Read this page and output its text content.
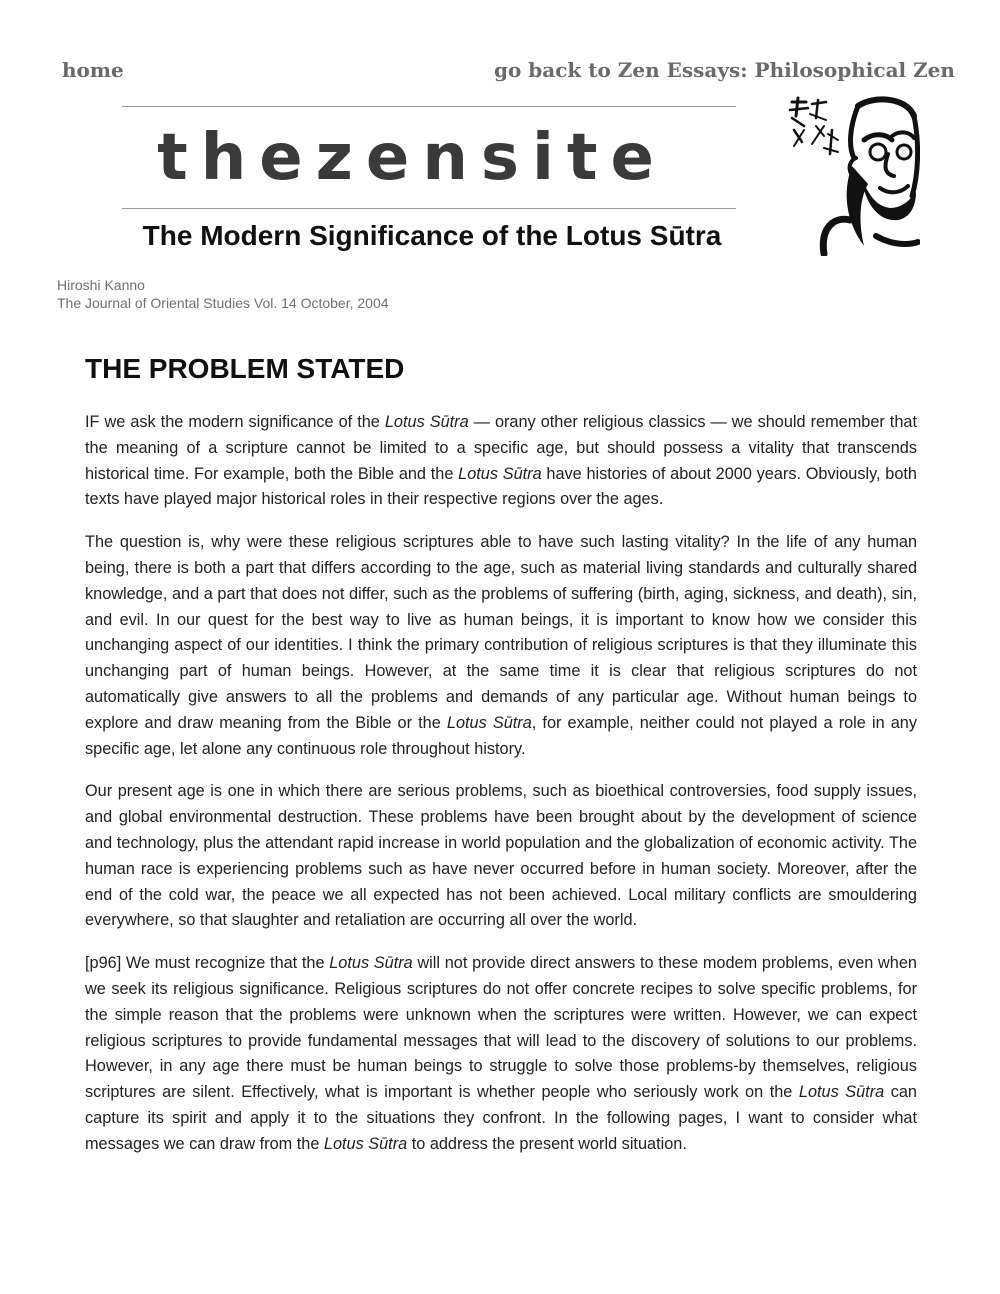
home	go back to Zen Essays: Philosophical Zen
thezensite
The Modern Significance of the Lotus Sūtra
Hiroshi Kanno
The Journal of Oriental Studies Vol. 14 October, 2004
THE PROBLEM STATED

IF we ask the modern significance of the Lotus Sūtra — orany other religious classics — we should remember that the meaning of a scripture cannot be limited to a specific age, but should possess a vitality that transcends historical time. For example, both the Bible and the Lotus Sūtra have histories of about 2000 years. Obviously, both texts have played major historical roles in their respective regions over the ages.

The question is, why were these religious scriptures able to have such lasting vitality? In the life of any human being, there is both a part that differs according to the age, such as material living standards and culturally shared knowledge, and a part that does not differ, such as the problems of suffering (birth, aging, sickness, and death), sin, and evil. In our quest for the best way to live as human beings, it is important to know how we consider this unchanging aspect of our identities. I think the primary contribution of religious scriptures is that they illuminate this unchanging part of human beings. However, at the same time it is clear that religious scriptures do not automatically give answers to all the problems and demands of any particular age. Without human beings to explore and draw meaning from the Bible or the Lotus Sūtra, for example, neither could not played a role in any specific age, let alone any continuous role throughout history.

Our present age is one in which there are serious problems, such as bioethical controversies, food supply issues, and global environmental destruction. These problems have been brought about by the development of science and technology, plus the attendant rapid increase in world population and the globalization of economic activity. The human race is experiencing problems such as have never occurred before in human society. Moreover, after the end of the cold war, the peace we all expected has not been achieved. Local military conflicts are smouldering everywhere, so that slaughter and retaliation are occurring all over the world.

[p96] We must recognize that the Lotus Sūtra will not provide direct answers to these modem problems, even when we seek its religious significance. Religious scriptures do not offer concrete recipes to solve specific problems, for the simple reason that the problems were unknown when the scriptures were written. However, we can expect religious scriptures to provide fundamental messages that will lead to the discovery of solutions to our problems. However, in any age there must be human beings to struggle to solve those problems-by themselves, religious scriptures are silent. Effectively, what is important is whether people who seriously work on the Lotus Sūtra can capture its spirit and apply it to the situations they confront. In the following pages, I want to consider what messages we can draw from the Lotus Sūtra to address the present world situation.
